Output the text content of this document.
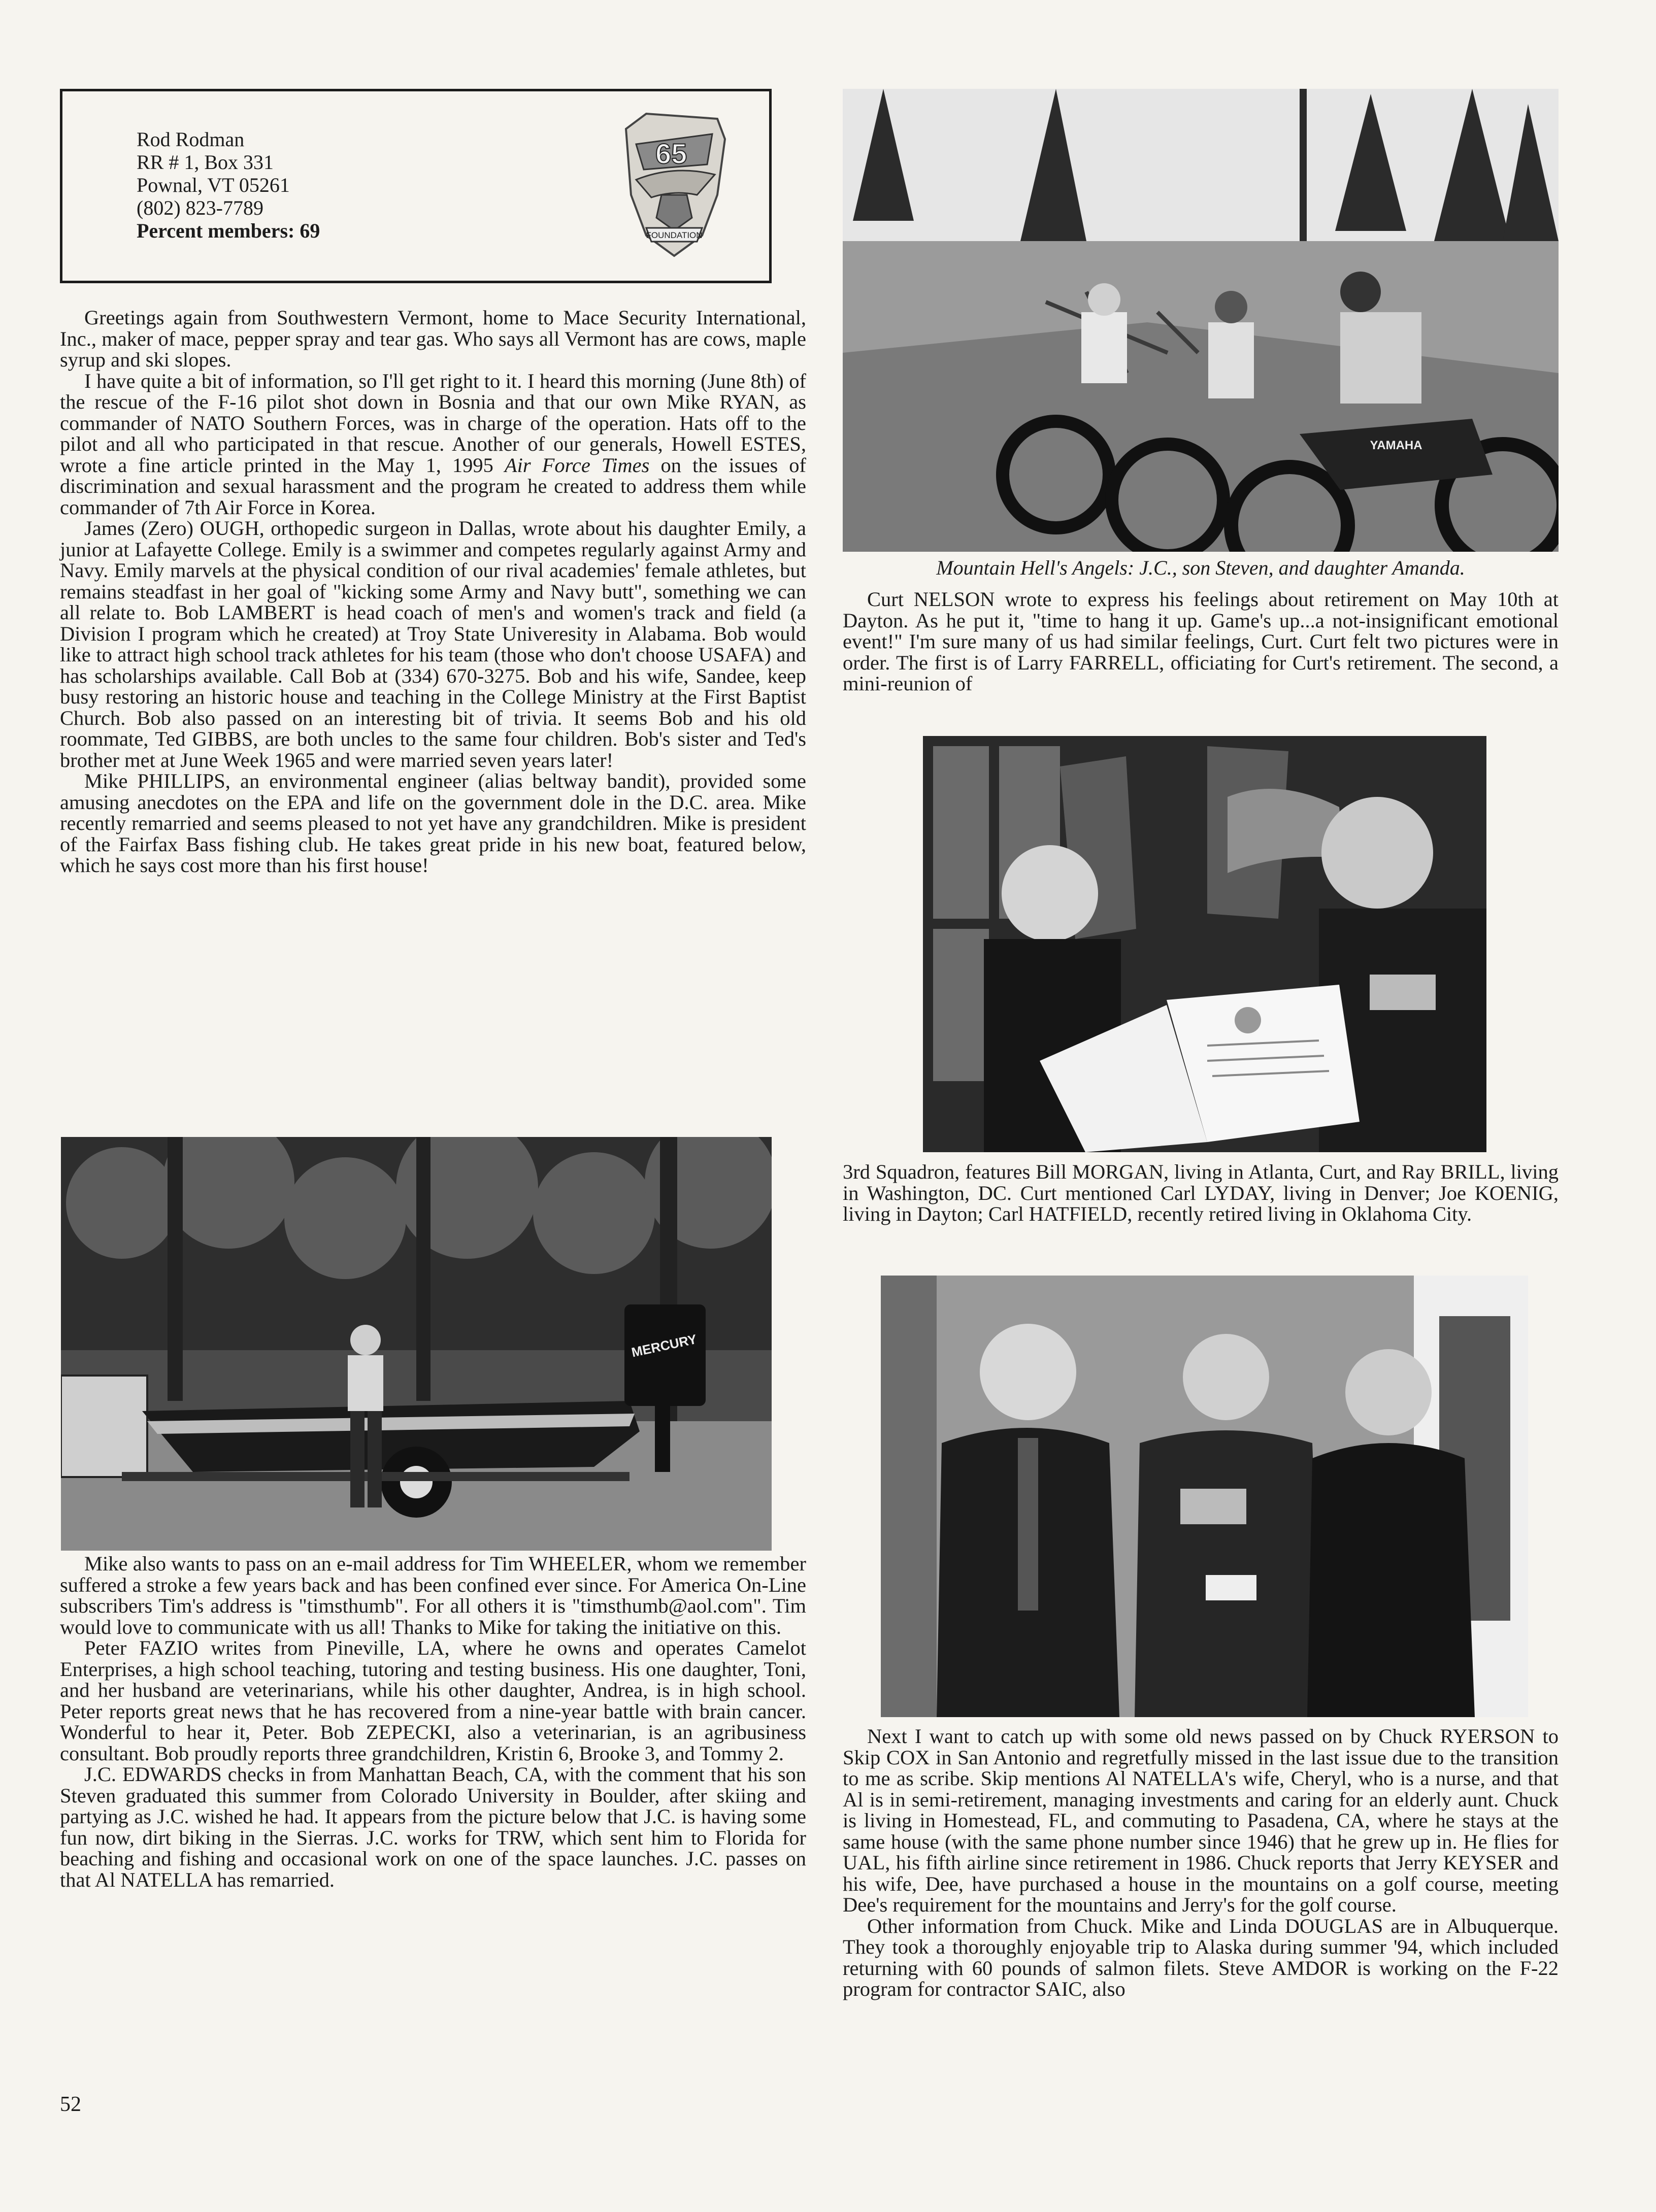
Rod Rodman
RR # 1, Box 331
Pownal, VT 05261
(802) 823-7789
Percent members: 69
65
FOUNDATION

Greetings again from Southwestern Vermont, home to Mace Security International, Inc., maker of mace, pepper spray and tear gas. Who says all Vermont has are cows, maple syrup and ski slopes.

I have quite a bit of information, so I'll get right to it. I heard this morning (June 8th) of the rescue of the F-16 pilot shot down in Bosnia and that our own Mike RYAN, as commander of NATO Southern Forces, was in charge of the operation. Hats off to the pilot and all who participated in that rescue. Another of our generals, Howell ESTES, wrote a fine article printed in the May 1, 1995 Air Force Times on the issues of discrimination and sexual harassment and the program he created to address them while commander of 7th Air Force in Korea.

James (Zero) OUGH, orthopedic surgeon in Dallas, wrote about his daughter Emily, a junior at Lafayette College. Emily is a swimmer and competes regularly against Army and Navy. Emily marvels at the physical condition of our rival academies' female athletes, but remains steadfast in her goal of "kicking some Army and Navy butt", something we can all relate to. Bob LAMBERT is head coach of men's and women's track and field (a Division I program which he created) at Troy State Univeresity in Alabama. Bob would like to attract high school track athletes for his team (those who don't choose USAFA) and has scholarships available. Call Bob at (334) 670-3275. Bob and his wife, Sandee, keep busy restoring an historic house and teaching in the College Ministry at the First Baptist Church. Bob also passed on an interesting bit of trivia. It seems Bob and his old roommate, Ted GIBBS, are both uncles to the same four children. Bob's sister and Ted's brother met at June Week 1965 and were married seven years later!

Mike PHILLIPS, an environmental engineer (alias beltway bandit), provided some amusing anecdotes on the EPA and life on the government dole in the D.C. area. Mike recently remarried and seems pleased to not yet have any grandchildren. Mike is president of the Fairfax Bass fishing club. He takes great pride in his new boat, featured below, which he says cost more than his first house!

MERCURY

Mike also wants to pass on an e-mail address for Tim WHEELER, whom we remember suffered a stroke a few years back and has been confined ever since. For America On-Line subscribers Tim's address is "timsthumb". For all others it is "timsthumb@aol.com". Tim would love to communicate with us all! Thanks to Mike for taking the initiative on this.

Peter FAZIO writes from Pineville, LA, where he owns and operates Camelot Enterprises, a high school teaching, tutoring and testing business. His one daughter, Toni, and her husband are veterinarians, while his other daughter, Andrea, is in high school. Peter reports great news that he has recovered from a nine-year battle with brain cancer. Wonderful to hear it, Peter. Bob ZEPECKI, also a veterinarian, is an agribusiness consultant. Bob proudly reports three grandchildren, Kristin 6, Brooke 3, and Tommy 2.

J.C. EDWARDS checks in from Manhattan Beach, CA, with the comment that his son Steven graduated this summer from Colorado University in Boulder, after skiing and partying as J.C. wished he had. It appears from the picture below that J.C. is having some fun now, dirt biking in the Sierras. J.C. works for TRW, which sent him to Florida for beaching and fishing and occasional work on one of the space launches. J.C. passes on that Al NATELLA has remarried.

YAMAHA
Mountain Hell's Angels: J.C., son Steven, and daughter Amanda.

Curt NELSON wrote to express his feelings about retirement on May 10th at Dayton. As he put it, "time to hang it up. Game's up...a not-insignificant emotional event!" I'm sure many of us had similar feelings, Curt. Curt felt two pictures were in order. The first is of Larry FARRELL, officiating for Curt's retirement. The second, a mini-reunion of

3rd Squadron, features Bill MORGAN, living in Atlanta, Curt, and Ray BRILL, living in Washington, DC. Curt mentioned Carl LYDAY, living in Denver; Joe KOENIG, living in Dayton; Carl HATFIELD, recently retired living in Oklahoma City.

Next I want to catch up with some old news passed on by Chuck RYERSON to Skip COX in San Antonio and regretfully missed in the last issue due to the transition to me as scribe. Skip mentions Al NATELLA's wife, Cheryl, who is a nurse, and that Al is in semi-retirement, managing investments and caring for an elderly aunt. Chuck is living in Homestead, FL, and commuting to Pasadena, CA, where he stays at the same house (with the same phone number since 1946) that he grew up in. He flies for UAL, his fifth airline since retirement in 1986. Chuck reports that Jerry KEYSER and his wife, Dee, have purchased a house in the mountains on a golf course, meeting Dee's requirement for the mountains and Jerry's for the golf course.

Other information from Chuck. Mike and Linda DOUGLAS are in Albuquerque. They took a thoroughly enjoyable trip to Alaska during summer '94, which included returning with 60 pounds of salmon filets. Steve AMDOR is working on the F-22 program for contractor SAIC, also

52
